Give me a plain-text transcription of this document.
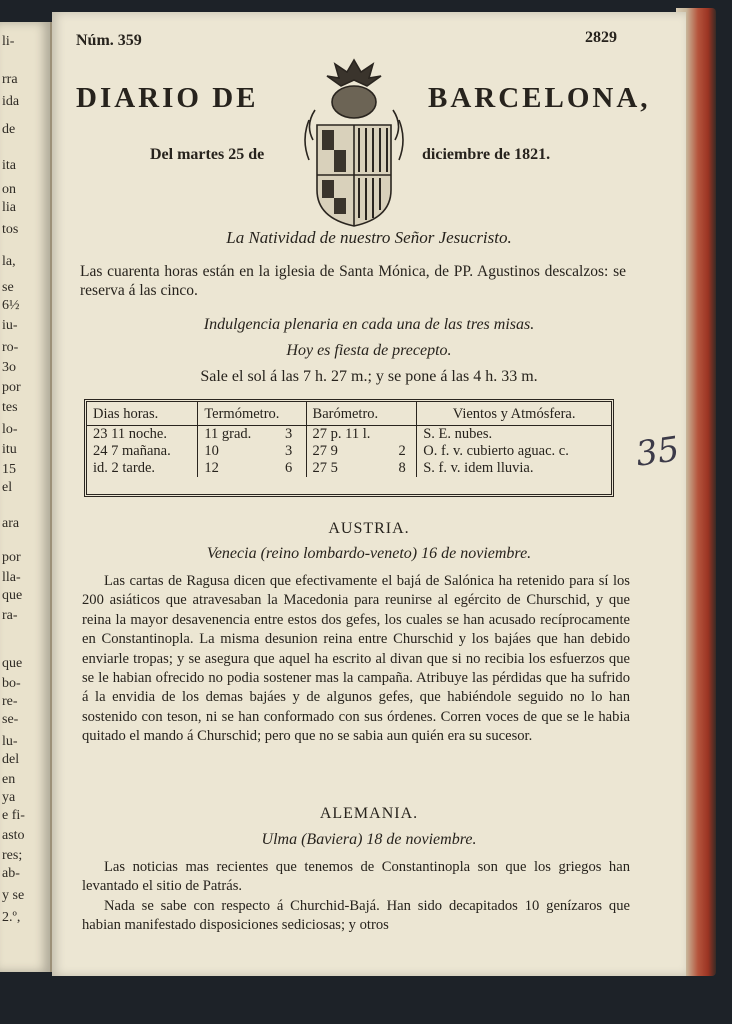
li-
rra
ida
de
ita
on
lia
tos
la,
se
6½
iu-
ro-
3o
por
tes
lo-
itu
15
el
ara
por
lla-
que
ra-
que
bo-
re-
se-
lu-
del
en
ya
e fi-
asto
res;
ab-
y se
2.º,
Núm. 359	2829
DIARIO DE	BARCELONA,
Del martes 25 de	diciembre de 1821.
La Natividad de nuestro Señor Jesucristo.
Las cuarenta horas están en la iglesia de Santa Mónica, de PP. Agustinos descalzos: se reserva á las cinco.
Indulgencia plenaria en cada una de las tres misas.
Hoy es fiesta de precepto.
Sale el sol á las 7 h. 27 m.; y se pone á las 4 h. 33 m.
Dias horas.	Termómetro.		Barómetro.		Vientos y Atmósfera.
23 11 noche.	11 grad.	3	27 p. 11 l.		S. E. nubes.
24 7 mañana.	10	3	27 9	2	O. f. v. cubierto aguac. c.
id. 2 tarde.	12	6	27 5	8	S. f. v. idem lluvia.	35
AUSTRIA.
Venecia (reino lombardo-veneto) 16 de noviembre.
Las cartas de Ragusa dicen que efectivamente el bajá de Salónica ha retenido para sí los 200 asiáticos que atravesaban la Macedonia para reunirse al egército de Churschid, y que reina la mayor desavenencia entre estos dos gefes, los cuales se han acusado recíprocamente en Constantinopla. La misma desunion reina entre Churschid y los bajáes que han debido enviarle tropas; y se asegura que aquel ha escrito al divan que si no recibia los esfuerzos que se le habian ofrecido no podia sostener mas la campaña. Atribuye las pérdidas que ha sufrido á la envidia de los demas bajáes y de algunos gefes, que habiéndole seguido no lo han sostenido con teson, ni se han conformado con sus órdenes. Corren voces de que se le habia quitado el mando á Churschid; pero que no se sabia aun quién era su sucesor.
ALEMANIA.
Ulma (Baviera) 18 de noviembre.
Las noticias mas recientes que tenemos de Constantinopla son que los griegos han levantado el sitio de Patrás.
Nada se sabe con respecto á Churchid-Bajá. Han sido decapitados 10 genízaros que habian manifestado disposiciones sediciosas; y otros
